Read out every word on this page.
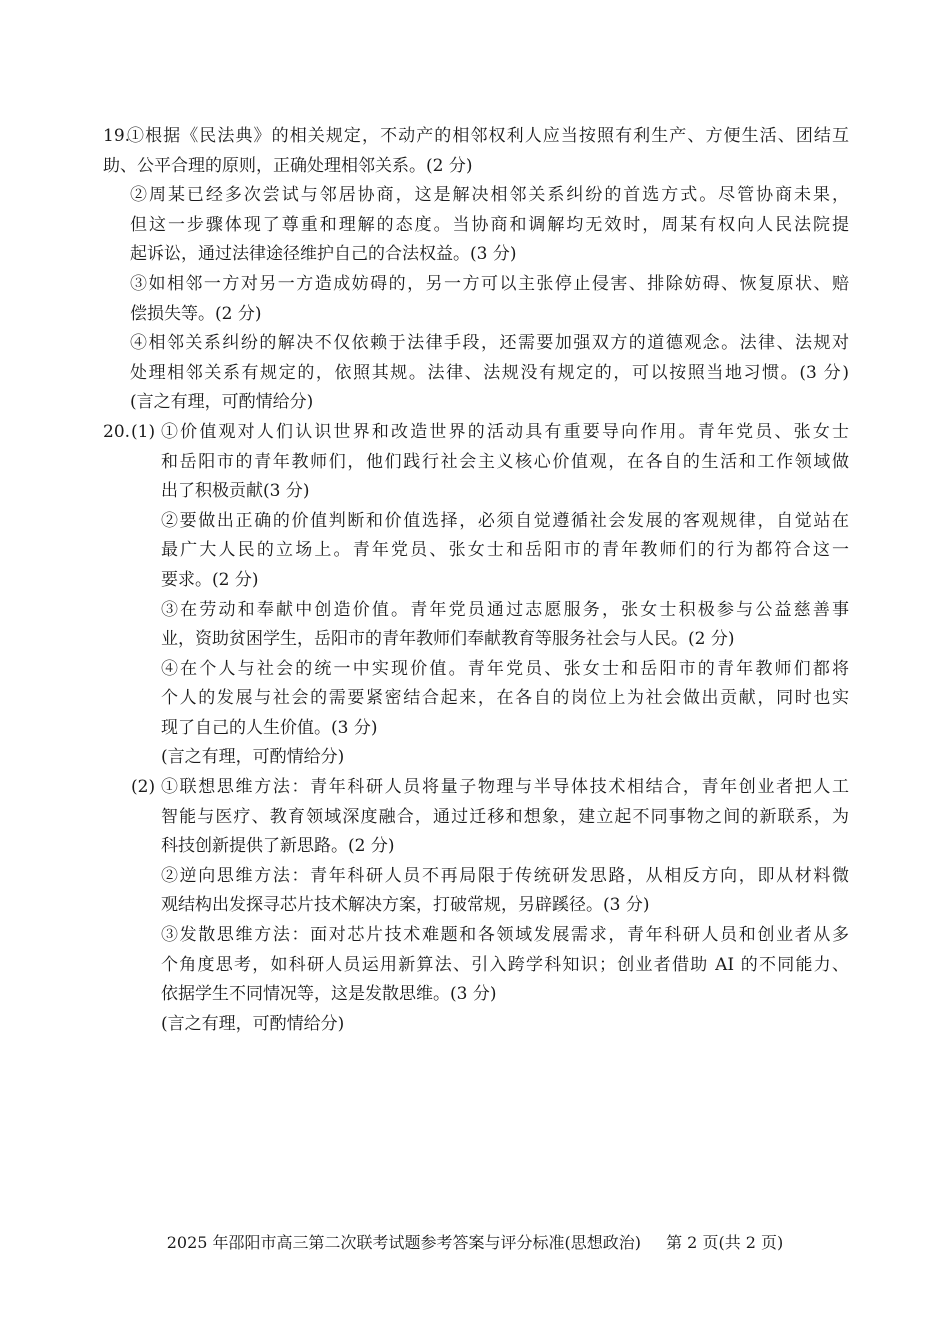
19.
①根据《民法典》的相关规定，不动产的相邻权利人应当按照有利生产、方便生活、团结互
助、公平合理的原则，正确处理相邻关系。(2 分)
②周某已经多次尝试与邻居协商，这是解决相邻关系纠纷的首选方式。尽管协商未果，
但这一步骤体现了尊重和理解的态度。当协商和调解均无效时，周某有权向人民法院提
起诉讼，通过法律途径维护自己的合法权益。(3 分)
③如相邻一方对另一方造成妨碍的，另一方可以主张停止侵害、排除妨碍、恢复原状、赔
偿损失等。(2 分)
④相邻关系纠纷的解决不仅依赖于法律手段，还需要加强双方的道德观念。法律、法规对
处理相邻关系有规定的，依照其规。法律、法规没有规定的，可以按照当地习惯。(3 分)
(言之有理，可酌情给分)
20. (1) ①价值观对人们认识世界和改造世界的活动具有重要导向作用。青年党员、张女士
和岳阳市的青年教师们，他们践行社会主义核心价值观，在各自的生活和工作领域做
出了积极贡献(3 分)
②要做出正确的价值判断和价值选择，必须自觉遵循社会发展的客观规律，自觉站在
最广大人民的立场上。青年党员、张女士和岳阳市的青年教师们的行为都符合这一
要求。(2 分)
③在劳动和奉献中创造价值。青年党员通过志愿服务，张女士积极参与公益慈善事
业，资助贫困学生，岳阳市的青年教师们奉献教育等服务社会与人民。(2 分)
④在个人与社会的统一中实现价值。青年党员、张女士和岳阳市的青年教师们都将
个人的发展与社会的需要紧密结合起来，在各自的岗位上为社会做出贡献，同时也实
现了自己的人生价值。(3 分)
(言之有理，可酌情给分)
(2) ①联想思维方法：青年科研人员将量子物理与半导体技术相结合，青年创业者把人工
智能与医疗、教育领域深度融合，通过迁移和想象，建立起不同事物之间的新联系，为
科技创新提供了新思路。(2 分)
②逆向思维方法：青年科研人员不再局限于传统研发思路，从相反方向，即从材料微
观结构出发探寻芯片技术解决方案，打破常规，另辟蹊径。(3 分)
③发散思维方法：面对芯片技术难题和各领域发展需求，青年科研人员和创业者从多
个角度思考，如科研人员运用新算法、引入跨学科知识；创业者借助 AI 的不同能力、
依据学生不同情况等，这是发散思维。(3 分)
(言之有理，可酌情给分)
2025 年邵阳市高三第二次联考试题参考答案与评分标准(思想政治) 第 2 页(共 2 页)
